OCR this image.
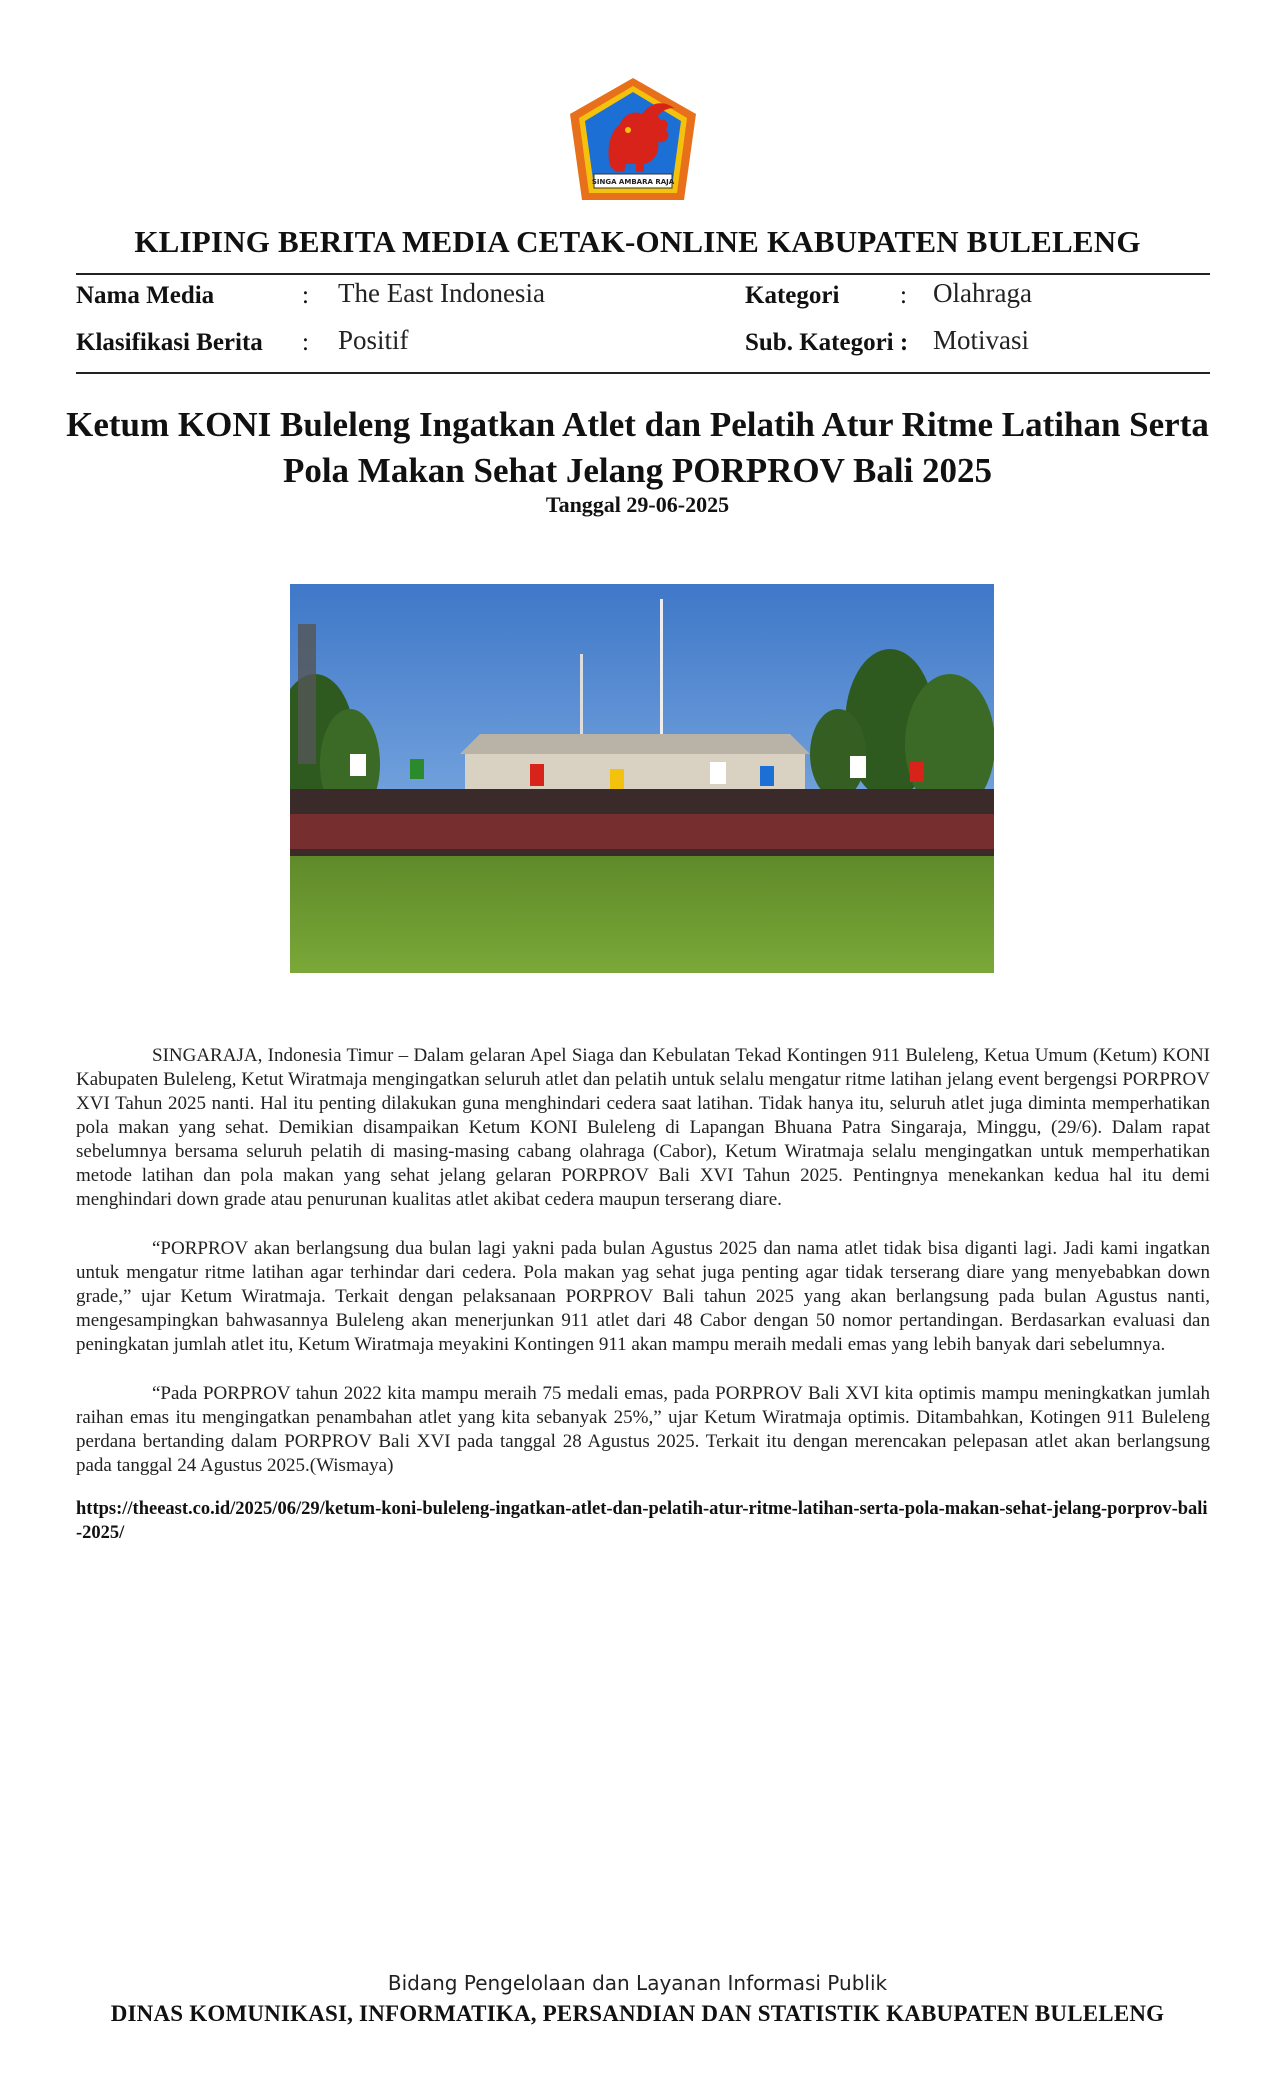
SINGA AMBARA RAJA
KLIPING BERITA MEDIA CETAK-ONLINE KABUPATEN BULELENG
Nama Media	: The East Indonesia	Kategori : Olahraga
Klasifikasi Berita : Positif	Sub. Kategori : Motivasi
Ketum KONI Buleleng Ingatkan Atlet dan Pelatih Atur Ritme Latihan Serta Pola Makan Sehat Jelang PORPROV Bali 2025
Tanggal 29-06-2025

SINGARAJA, Indonesia Timur – Dalam gelaran Apel Siaga dan Kebulatan Tekad Kontingen 911 Buleleng, Ketua Umum (Ketum) KONI Kabupaten Buleleng, Ketut Wiratmaja mengingatkan seluruh atlet dan pelatih untuk selalu mengatur ritme latihan jelang event bergengsi PORPROV XVI Tahun 2025 nanti. Hal itu penting dilakukan guna menghindari cedera saat latihan. Tidak hanya itu, seluruh atlet juga diminta memperhatikan pola makan yang sehat. Demikian disampaikan Ketum KONI Buleleng di Lapangan Bhuana Patra Singaraja, Minggu, (29/6). Dalam rapat sebelumnya bersama seluruh pelatih di masing-masing cabang olahraga (Cabor), Ketum Wiratmaja selalu mengingatkan untuk memperhatikan metode latihan dan pola makan yang sehat jelang gelaran PORPROV Bali XVI Tahun 2025. Pentingnya menekankan kedua hal itu demi menghindari down grade atau penurunan kualitas atlet akibat cedera maupun terserang diare.

“PORPROV akan berlangsung dua bulan lagi yakni pada bulan Agustus 2025 dan nama atlet tidak bisa diganti lagi. Jadi kami ingatkan untuk mengatur ritme latihan agar terhindar dari cedera. Pola makan yag sehat juga penting agar tidak terserang diare yang menyebabkan down grade,” ujar Ketum Wiratmaja. Terkait dengan pelaksanaan PORPROV Bali tahun 2025 yang akan berlangsung pada bulan Agustus nanti, mengesampingkan bahwasannya Buleleng akan menerjunkan 911 atlet dari 48 Cabor dengan 50 nomor pertandingan. Berdasarkan evaluasi dan peningkatan jumlah atlet itu, Ketum Wiratmaja meyakini Kontingen 911 akan mampu meraih medali emas yang lebih banyak dari sebelumnya.

“Pada PORPROV tahun 2022 kita mampu meraih 75 medali emas, pada PORPROV Bali XVI kita optimis mampu meningkatkan jumlah raihan emas itu mengingatkan penambahan atlet yang kita sebanyak 25%,” ujar Ketum Wiratmaja optimis. Ditambahkan, Kotingen 911 Buleleng perdana bertanding dalam PORPROV Bali XVI pada tanggal 28 Agustus 2025. Terkait itu dengan merencakan pelepasan atlet akan berlangsung pada tanggal 24 Agustus 2025.(Wismaya)

https://theeast.co.id/2025/06/29/ketum-koni-buleleng-ingatkan-atlet-dan-pelatih-atur-ritme-latihan-serta-pola-makan-sehat-jelang-porprov-bali-2025/

Bidang Pengelolaan dan Layanan Informasi Publik
DINAS KOMUNIKASI, INFORMATIKA, PERSANDIAN DAN STATISTIK KABUPATEN BULELENG
